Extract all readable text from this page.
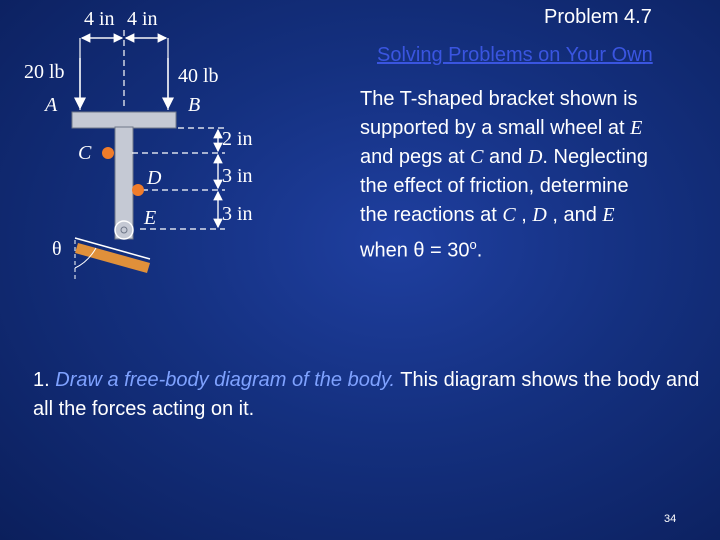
Problem 4.7
Solving Problems on Your Own
4 in 4 in
20 lb	40 lb
A	B
C
D
E
θ
2 in
3 in
3 in
The T-shaped bracket shown is
supported by a small wheel at E
and pegs at C and D. Neglecting
the effect of friction, determine
the reactions at C , D , and E
when $\theta = 30^o$.
1. Draw a free-body diagram of the body. This diagram shows the body and all the forces acting on it.
34
